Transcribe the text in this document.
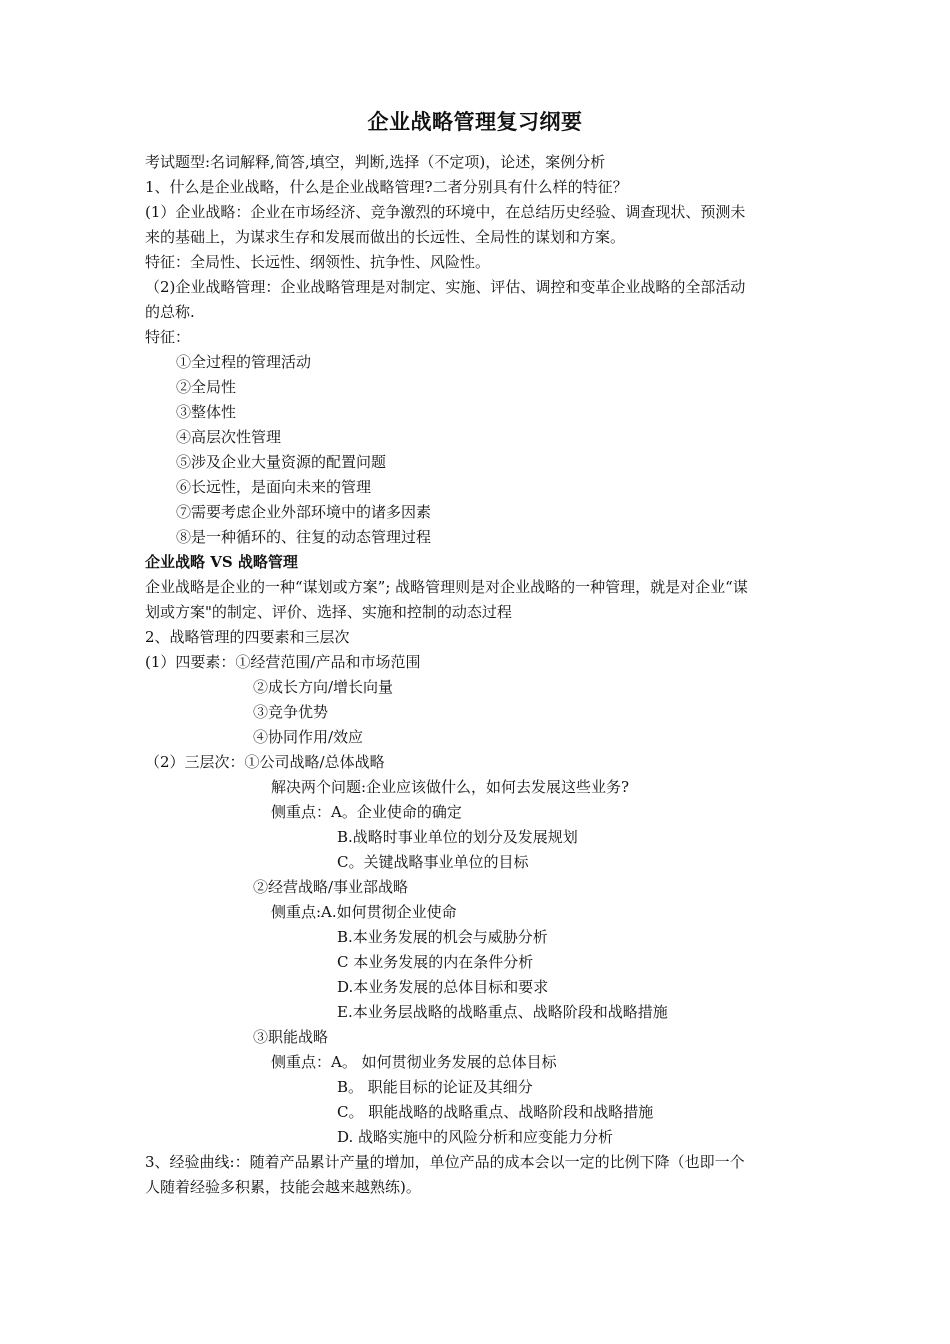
企业战略管理复习纲要
考试题型:名词解释,简答,填空，判断,选择（不定项)，论述，案例分析
1、什么是企业战略，什么是企业战略管理?二者分别具有什么样的特征？
(1）企业战略：企业在市场经济、竞争激烈的环境中，在总结历史经验、调查现状、预测未
来的基础上，为谋求生存和发展而做出的长远性、全局性的谋划和方案。
特征：全局性、长远性、纲领性、抗争性、风险性。
（2)企业战略管理：企业战略管理是对制定、实施、评估、调控和变革企业战略的全部活动
的总称.
特征：
①全过程的管理活动
②全局性
③整体性
④高层次性管理
⑤涉及企业大量资源的配置问题
⑥长远性，是面向未来的管理
⑦需要考虑企业外部环境中的诸多因素
⑧是一种循环的、往复的动态管理过程
企业战略 VS 战略管理
企业战略是企业的一种“谋划或方案”; 战略管理则是对企业战略的一种管理，就是对企业“谋
划或方案"的制定、评价、选择、实施和控制的动态过程
2、战略管理的四要素和三层次
(1）四要素：①经营范围/产品和市场范围
②成长方向/增长向量
③竞争优势
④协同作用/效应
（2）三层次：①公司战略/总体战略
解决两个问题:企业应该做什么，如何去发展这些业务?
侧重点：A。企业使命的确定
B.战略时事业单位的划分及发展规划
C。关键战略事业单位的目标
②经营战略/事业部战略
侧重点:A.如何贯彻企业使命
B.本业务发展的机会与威胁分析
C 本业务发展的内在条件分析
D.本业务发展的总体目标和要求
E.本业务层战略的战略重点、战略阶段和战略措施
③职能战略
侧重点：A。 如何贯彻业务发展的总体目标
B。 职能目标的论证及其细分
C。 职能战略的战略重点、战略阶段和战略措施
D. 战略实施中的风险分析和应变能力分析
3、经验曲线:：随着产品累计产量的增加，单位产品的成本会以一定的比例下降（也即一个
人随着经验多积累，技能会越来越熟练)。
